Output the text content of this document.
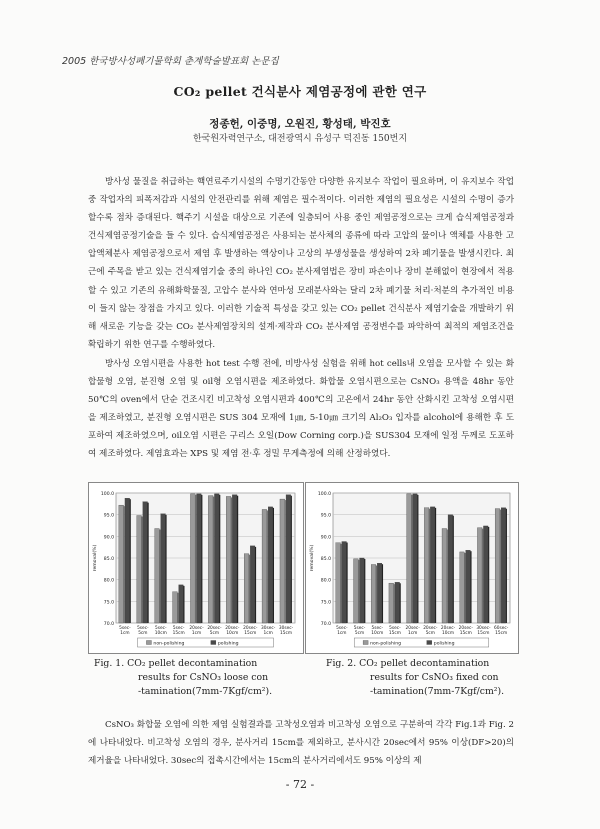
2005 한국방사성폐기물학회 춘계학술발표회 논문집
CO₂ pellet 건식분사 제염공정에 관한 연구
정종헌, 이중명, 오원진, 황성태, 박진호
한국원자력연구소, 대전광역시 유성구 덕진동 150번지
방사성 물질을 취급하는 핵연료주기시설의 수명기간동안 다양한 유지보수 작업이 필요하며, 이 유지보수 작업 중 작업자의 피폭저감과 시설의 안전관리를 위해 제염은 필수적이다. 이러한 제염의 필요성은 시설의 수명이 증가할수록 점차 증대된다. 핵주기 시설을 대상으로 기존에 일층되어 사용 중인 제염공정으로는 크게 습식제염공정과 건식제염공정기술을 들 수 있다. 습식제염공정은 사용되는 분사체의 종류에 따라 고압의 물이나 액체를 사용한 고압액체분사 제염공정으로서 제염 후 발생하는 액상이나 고상의 부생성물을 생성하여 2차 폐기물을 발생시킨다. 최근에 주목을 받고 있는 건식제염기술 중의 하나인 CO₂ 분사제염법은 장비 파손이나 장비 분해없이 현장에서 적용할 수 있고 기존의 유해화학물질, 고압수 분사와 연마성 모래분사와는 달리 2차 폐기물 처리·처분의 추가적인 비용이 들지 않는 장점을 가지고 있다. 이러한 기술적 특성을 갖고 있는 CO₂ pellet 건식분사 제염기술을 개발하기 위해 새로운 기능을 갖는 CO₂ 분사제염장치의 설계·제작과 CO₂ 분사제염 공정변수를 파악하여 최적의 제염조건을 확립하기 위한 연구를 수행하였다.
방사성 오염시편을 사용한 hot test 수행 전에, 비방사성 실험을 위해 hot cells내 오염을 모사할 수 있는 화합물형 오염, 분진형 오염 및 oil형 오염시편을 제조하였다. 화합물 오염시편으로는 CsNO₃ 용액을 48hr 동안 50℃의 oven에서 단순 건조시킨 비고착성 오염시편과 400℃의 고온에서 24hr 동안 산화시킨 고착성 오염시편을 제조하였고, 분진형 오염시편은 SUS 304 모재에 1㎛, 5-10㎛ 크기의 Al₂O₃ 입자를 alcohol에 용해한 후 도포하여 제조하였으며, oil오염 시편은 구리스 오일(Dow Corning corp.)을 SUS304 모재에 일정 두께로 도포하여 제조하였다. 제염효과는 XPS 및 제염 전·후 정밀 무게측정에 의해 산정하였다.
70.0
75.0
80.0
85.0
90.0
95.0
100.0
removal(%)
5sec-
1cm
5sec-
5cm
5sec-
10cm
5sec-
15cm
20sec-
1cm
20sec-
5cm
20sec-
10cm
20sec-
15cm
30sec-
1cm
30sec-
15cm
non-polishing	polishing
70.0
75.0
80.0
85.0
90.0
95.0
100.0
removal(%)
5sec-
1cm
5sec-
5cm
5sec-
10cm
5sec-
15cm
20sec-
1cm
20sec-
5cm
20sec-
10cm
20sec-
15cm
30sec-
15cm
60sec-
15cm
non-polishing	polishing
Fig. 1. CO₂ pellet decontamination
results for CsNO₃ loose con
-tamination(7mm-7Kgf/cm²).
Fig. 2. CO₂ pellet decontamination
results for CsNO₃ fixed con
-tamination(7mm-7Kgf/cm²).
CsNO₃ 화합물 오염에 의한 제염 실험결과를 고착성오염과 비고착성 오염으로 구분하여 각각 Fig.1과 Fig. 2에 나타내었다. 비고착성 오염의 경우, 분사거리 15cm를 제외하고, 분사시간 20sec에서 95% 이상(DF>20)의 제거율을 나타내었다. 30sec의 접촉시간에서는 15cm의 분사거리에서도 95% 이상의 제
- 72 -
